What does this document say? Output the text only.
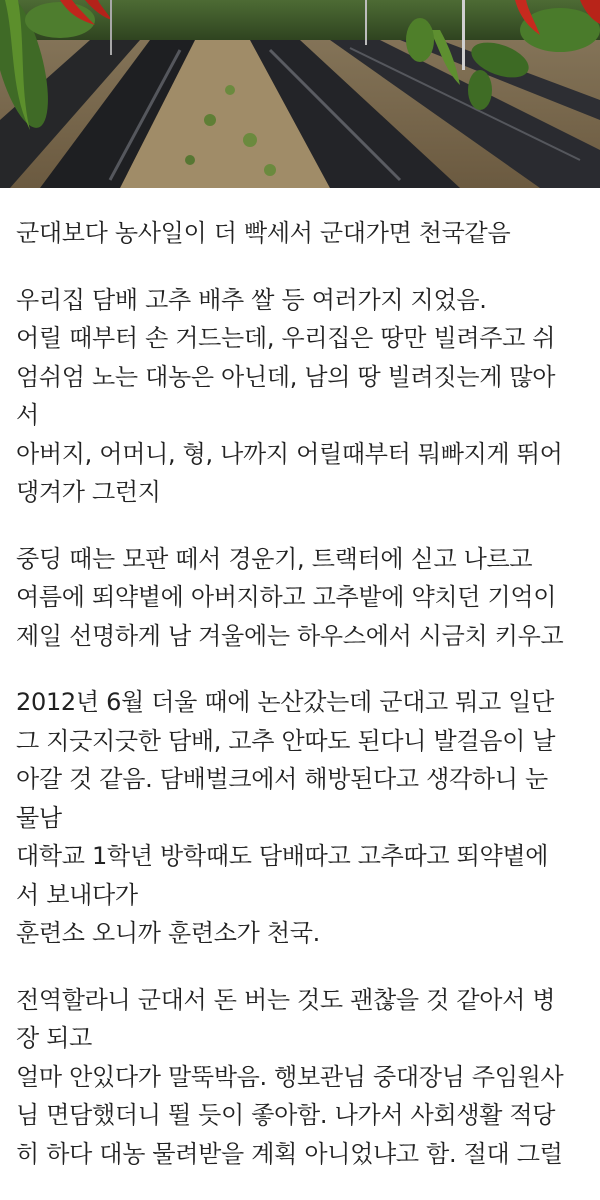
군대보다 농사일이 더 빡세서 군대가면 천국같음
우리집 담배 고추 배추 쌀 등 여러가지 지었음.
어릴 때부터 손 거드는데, 우리집은 땅만 빌려주고 쉬
엄쉬엄 노는 대농은 아닌데, 남의 땅 빌려짓는게 많아
서
아버지, 어머니, 형, 나까지 어릴때부터 뭐빠지게 뛰어
댕겨가 그런지
중딩 때는 모판 떼서 경운기, 트랙터에 싣고 나르고
여름에 뙤약볕에 아버지하고 고추밭에 약치던 기억이
제일 선명하게 남 겨울에는 하우스에서 시금치 키우고
2012년 6월 더울 때에 논산갔는데 군대고 뭐고 일단
그 지긋지긋한 담배, 고추 안따도 된다니 발걸음이 날
아갈 것 같음. 담배벌크에서 해방된다고 생각하니 눈
물남
대학교 1학년 방학때도 담배따고 고추따고 뙤약볕에
서 보내다가
훈련소 오니까 훈련소가 천국.
전역할라니 군대서 돈 버는 것도 괜찮을 것 같아서 병
장 되고
얼마 안있다가 말뚝박음. 행보관님 중대장님 주임원사
님 면담했더니 뛸 듯이 좋아함. 나가서 사회생활 적당
히 하다 대농 물려받을 계획 아니었냐고 함. 절대 그럴
